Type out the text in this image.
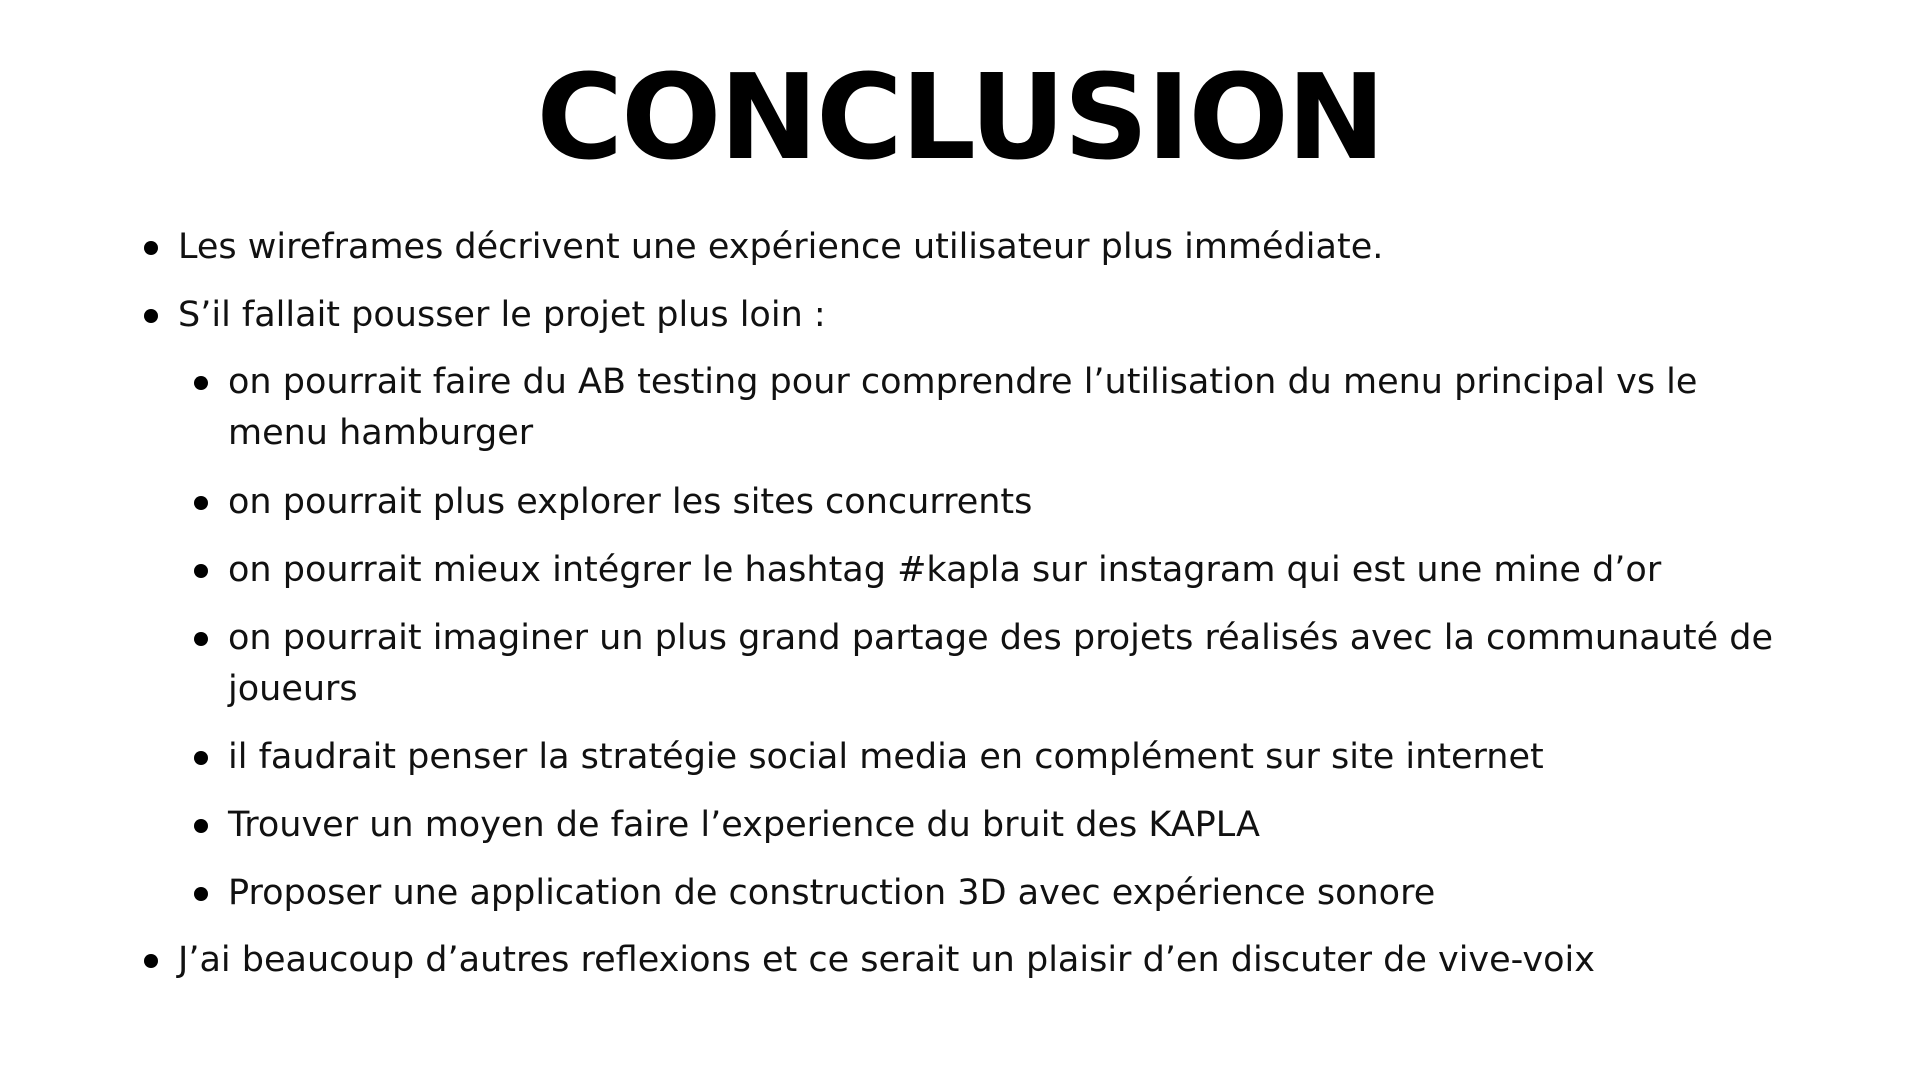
CONCLUSION
Les wireframes décrivent une expérience utilisateur plus immédiate.
S’il fallait pousser le projet plus loin :
on pourrait faire du AB testing pour comprendre l’utilisation du menu principal vs le menu hamburger
on pourrait plus explorer les sites concurrents
on pourrait mieux intégrer le hashtag #kapla sur instagram qui est une mine d’or
on pourrait imaginer un plus grand partage des projets réalisés avec la communauté de joueurs
il faudrait penser la stratégie social media en complément sur site internet
Trouver un moyen de faire l’experience du bruit des KAPLA
Proposer une application de construction 3D avec expérience sonore
J’ai beaucoup d’autres reflexions et ce serait un plaisir d’en discuter de vive-voix
